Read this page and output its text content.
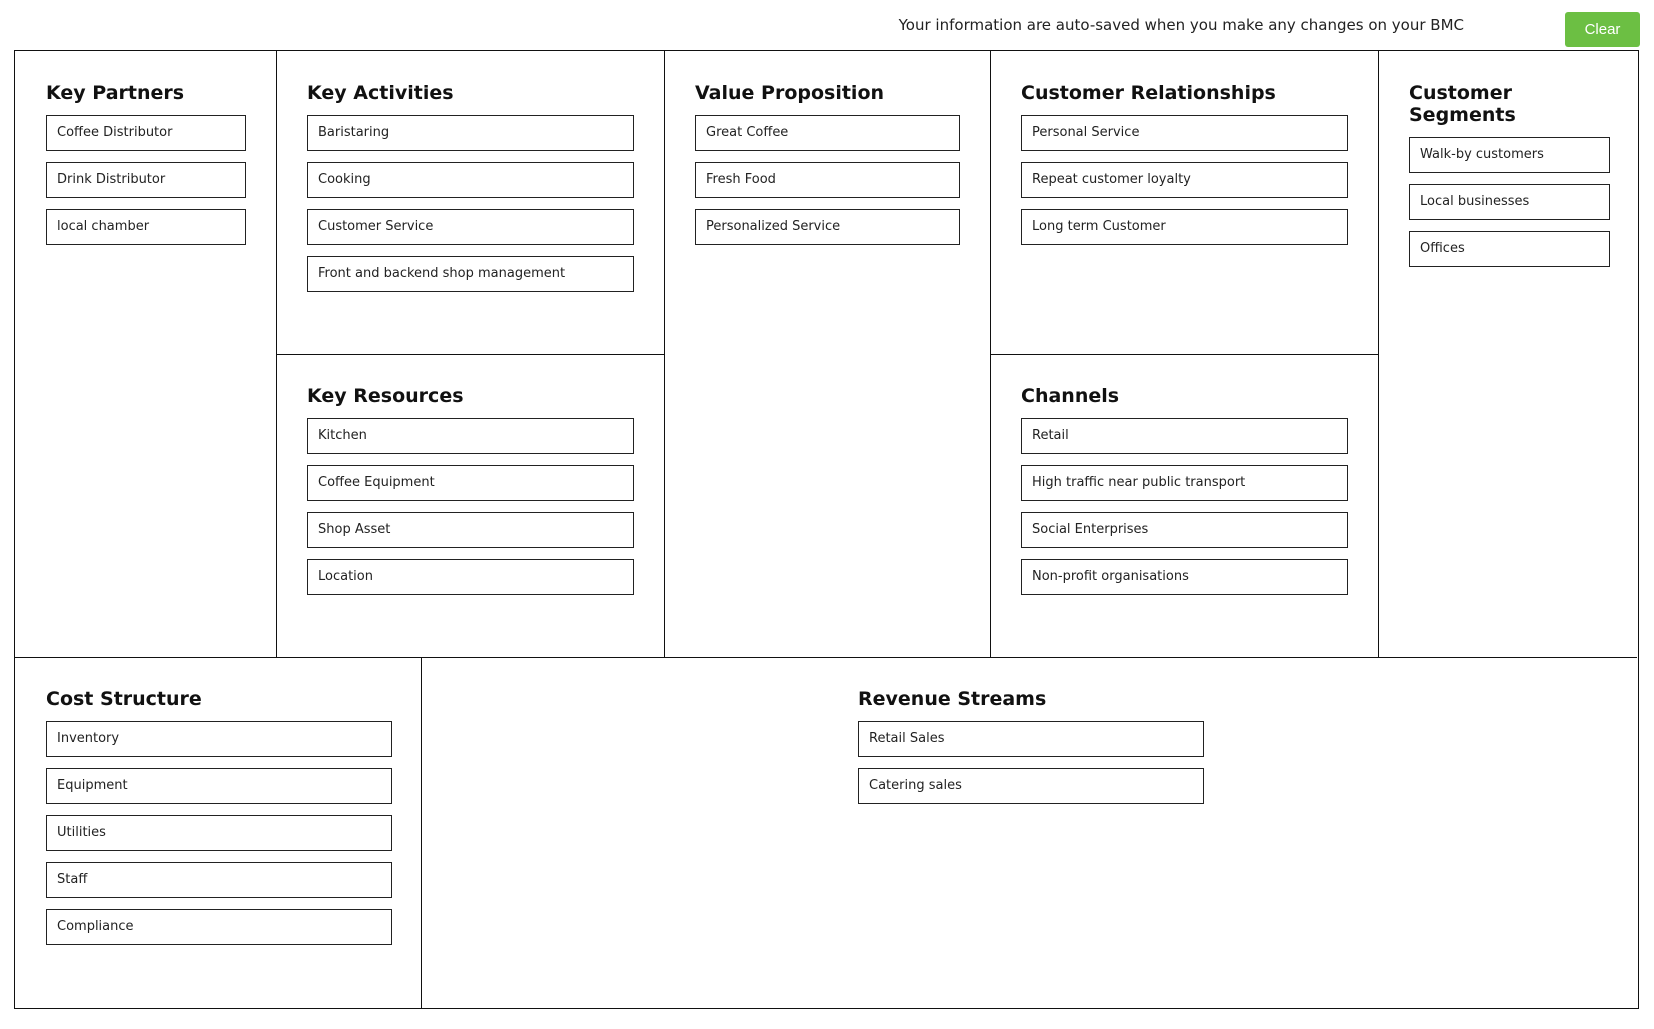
Your information are auto-saved when you make any changes on your BMC	Clear
Key Partners
Coffee Distributor
Drink Distributor
local chamber
Key Activities
Baristaring
Cooking
Customer Service
Front and backend shop management
Key Resources
Kitchen
Coffee Equipment
Shop Asset
Location
Value Proposition
Great Coffee
Fresh Food
Personalized Service
Customer Relationships
Personal Service
Repeat customer loyalty
Long term Customer
Channels
Retail
High traffic near public transport
Social Enterprises
Non-profit organisations
Customer Segments
Walk-by customers
Local businesses
Offices
Cost Structure
Inventory
Equipment
Utilities
Staff
Compliance
Revenue Streams
Retail Sales
Catering sales
